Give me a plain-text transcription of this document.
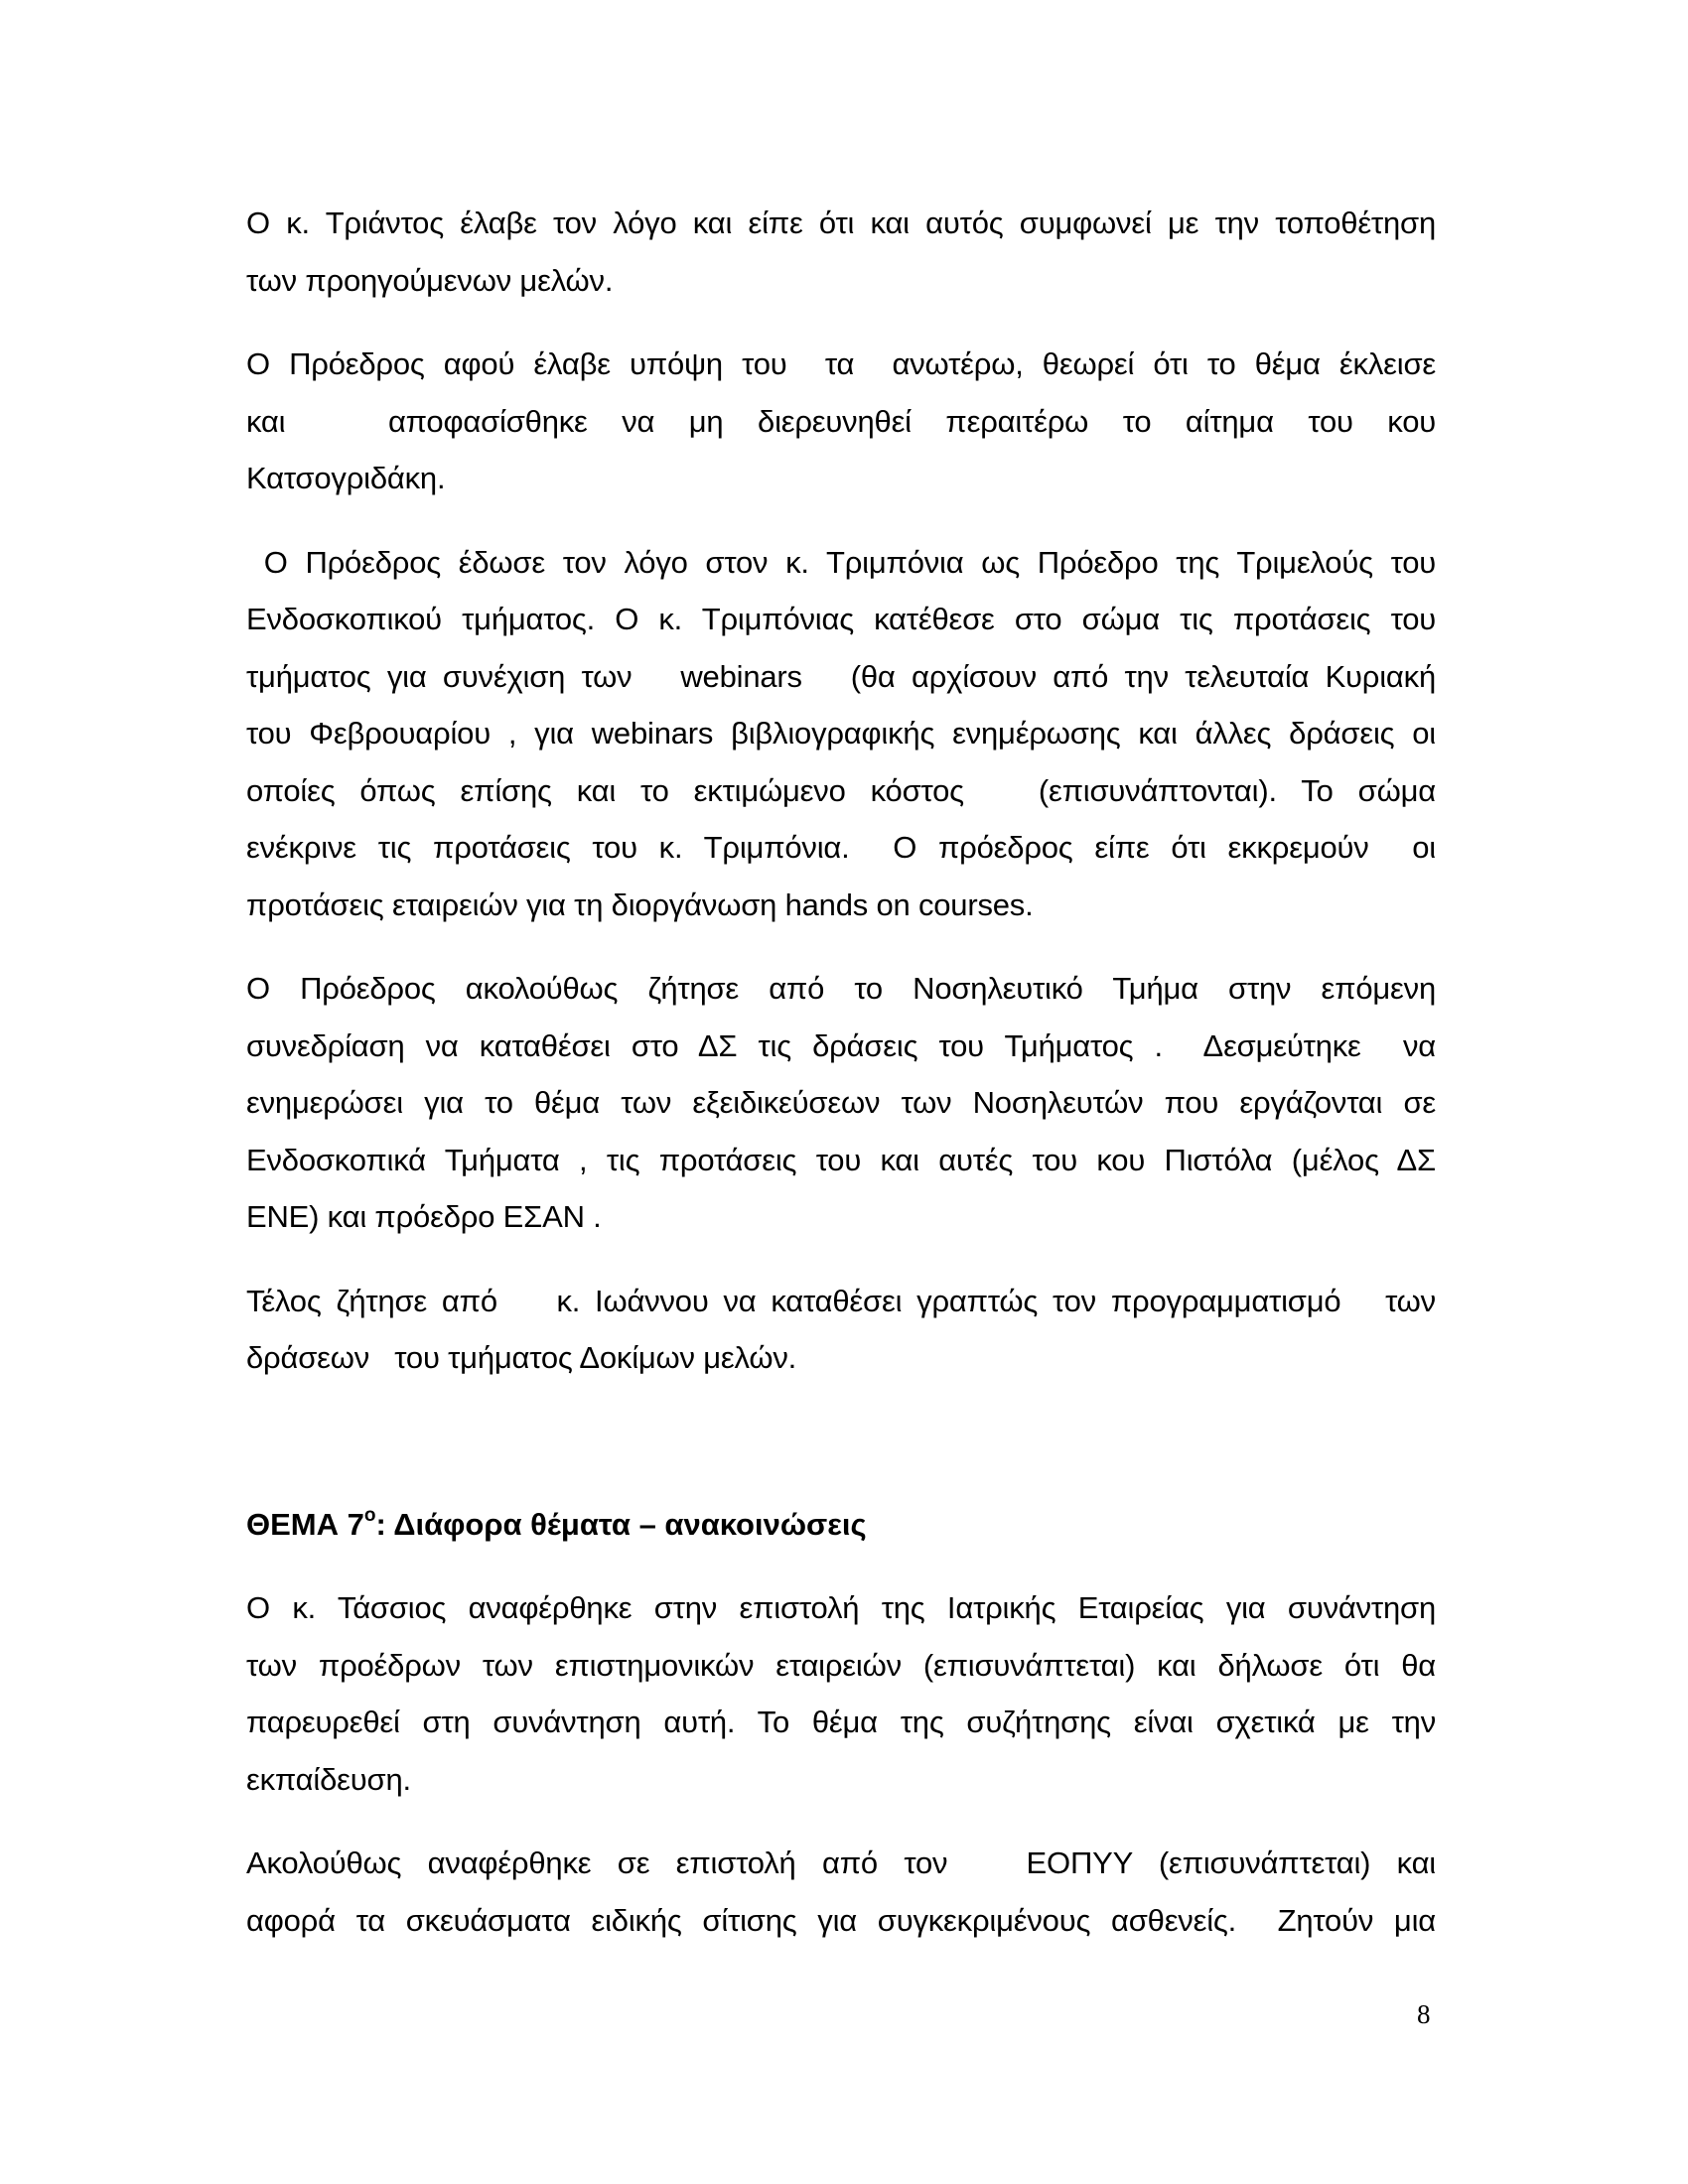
Ο κ. Τριάντος έλαβε τον λόγο και είπε ότι και αυτός συμφωνεί με την τοποθέτηση
των προηγούμενων μελών.

Ο Πρόεδρος αφού έλαβε υπόψη του  τα  ανωτέρω, θεωρεί ότι το θέμα έκλεισε
και   αποφασίσθηκε να μη διερευνηθεί περαιτέρω το αίτημα του κου
Κατσογριδάκη.

Ο Πρόεδρος έδωσε τον λόγο στον κ. Τριμπόνια ως Πρόεδρο της Τριμελούς του
Ενδοσκοπικού τμήματος. Ο κ. Τριμπόνιας κατέθεσε στο σώμα τις προτάσεις του
τμήματος για συνέχιση των   webinars   (θα αρχίσουν από την τελευταία Κυριακή
του Φεβρουαρίου , για webinars βιβλιογραφικής ενημέρωσης και άλλες δράσεις οι
οποίες όπως επίσης και το εκτιμώμενο κόστος   (επισυνάπτονται). Το σώμα
ενέκρινε τις προτάσεις του κ. Τριμπόνια.  Ο πρόεδρος είπε ότι εκκρεμούν  οι
προτάσεις εταιρειών για τη διοργάνωση hands on courses.

Ο Πρόεδρος ακολούθως ζήτησε από το Νοσηλευτικό Τμήμα στην επόμενη
συνεδρίαση να καταθέσει στο ΔΣ τις δράσεις του Τμήματος .  Δεσμεύτηκε  να
ενημερώσει για το θέμα των εξειδικεύσεων των Νοσηλευτών που εργάζονται σε
Ενδοσκοπικά Τμήματα , τις προτάσεις του και αυτές του κου Πιστόλα (μέλος ΔΣ
ΕΝΕ) και πρόεδρο ΕΣΑΝ .

Τέλος ζήτησε από    κ. Ιωάννου να καταθέσει γραπτώς τον προγραμματισμό   των
δράσεων   του τμήματος Δοκίμων μελών.

ΘΕΜΑ $7^o$: Διάφορα θέματα – ανακοινώσεις

Ο κ. Τάσσιος αναφέρθηκε στην επιστολή της Ιατρικής Εταιρείας για συνάντηση
των προέδρων των επιστημονικών εταιρειών (επισυνάπτεται) και δήλωσε ότι θα
παρευρεθεί στη συνάντηση αυτή. Το θέμα της συζήτησης είναι σχετικά με την
εκπαίδευση.

Ακολούθως αναφέρθηκε σε επιστολή από τον   ΕΟΠΥΥ (επισυνάπτεται) και
αφορά τα σκευάσματα ειδικής σίτισης για συγκεκριμένους ασθενείς.  Ζητούν μια

8
